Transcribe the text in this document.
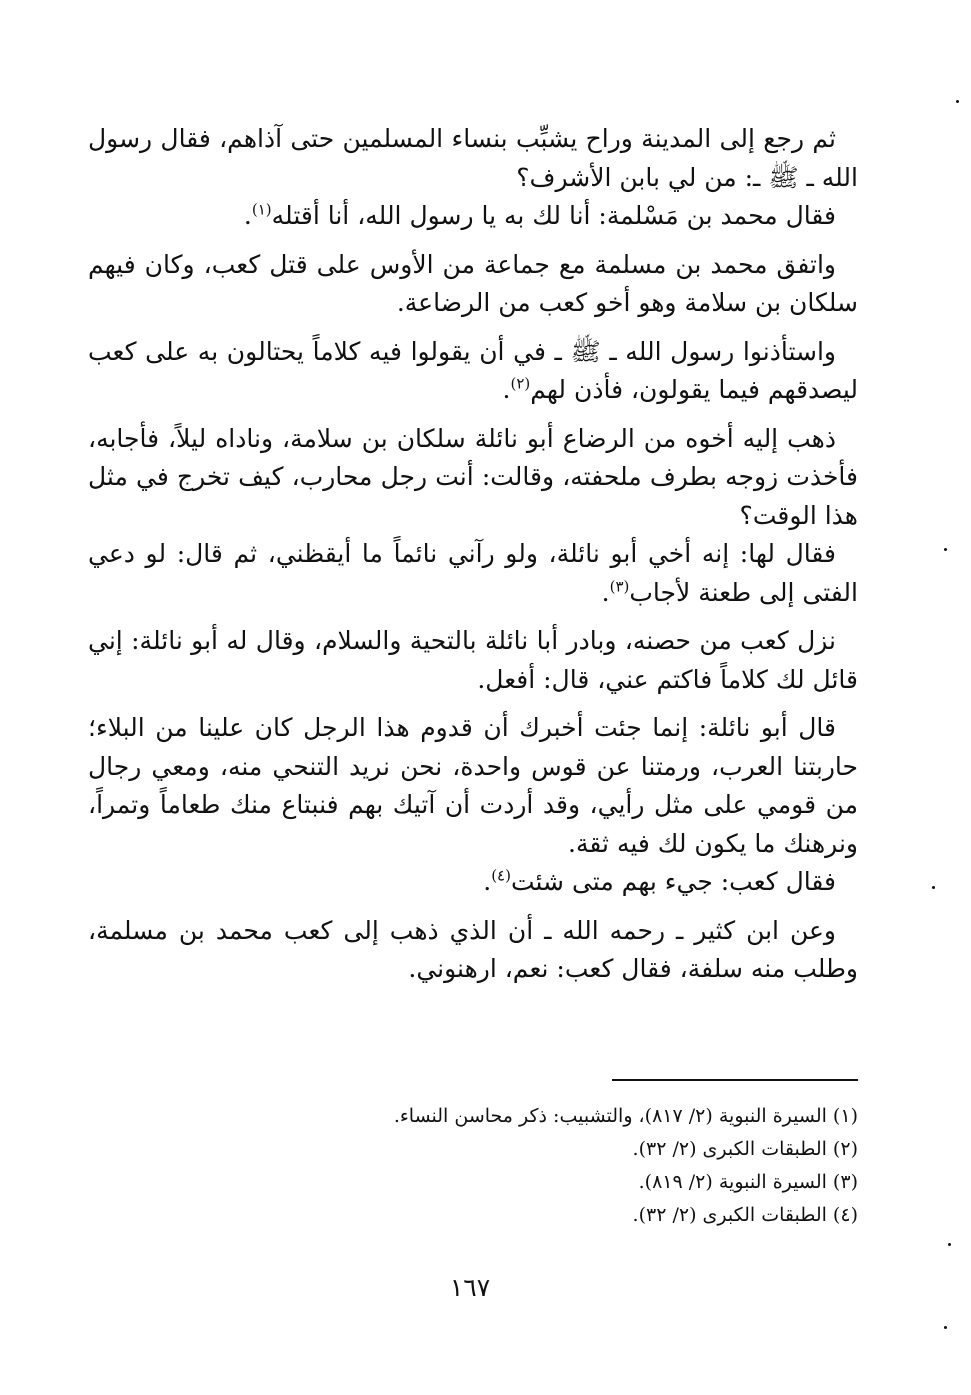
ثم رجع إلى المدينة وراح يشبِّب بنساء المسلمين حتى آذاهم، فقال رسول الله ـ ﷺ ـ: من لي بابن الأشرف؟

فقال محمد بن مَسْلمة: أنا لك به يا رسول الله، أنا أقتله$^{(١)}$.

واتفق محمد بن مسلمة مع جماعة من الأوس على قتل كعب، وكان فيهم سلكان بن سلامة وهو أخو كعب من الرضاعة.

واستأذنوا رسول الله ـ ﷺ ـ في أن يقولوا فيه كلاماً يحتالون به على كعب ليصدقهم فيما يقولون، فأذن لهم$^{(٢)}$.

ذهب إليه أخوه من الرضاع أبو نائلة سلكان بن سلامة، وناداه ليلاً، فأجابه، فأخذت زوجه بطرف ملحفته، وقالت: أنت رجل محارب، كيف تخرج في مثل هذا الوقت؟

فقال لها: إنه أخي أبو نائلة، ولو رآني نائماً ما أيقظني، ثم قال: لو دعي الفتى إلى طعنة لأجاب$^{(٣)}$.

نزل كعب من حصنه، وبادر أبا نائلة بالتحية والسلام، وقال له أبو نائلة: إني قائل لك كلاماً فاكتم عني، قال: أفعل.

قال أبو نائلة: إنما جئت أخبرك أن قدوم هذا الرجل كان علينا من البلاء؛ حاربتنا العرب، ورمتنا عن قوس واحدة، نحن نريد التنحي منه، ومعي رجال من قومي على مثل رأيي، وقد أردت أن آتيك بهم فنبتاع منك طعاماً وتمراً، ونرهنك ما يكون لك فيه ثقة.

فقال كعب: جيء بهم متى شئت$^{(٤)}$.

وعن ابن كثير ـ رحمه الله ـ أن الذي ذهب إلى كعب محمد بن مسلمة، وطلب منه سلفة، فقال كعب: نعم، ارهنوني.

(١) السيرة النبوية (٢/ ٨١٧)، والتشبيب: ذكر محاسن النساء.

(٢) الطبقات الكبرى (٢/ ٣٢).

(٣) السيرة النبوية (٢/ ٨١٩).

(٤) الطبقات الكبرى (٢/ ٣٢).

١٦٧
